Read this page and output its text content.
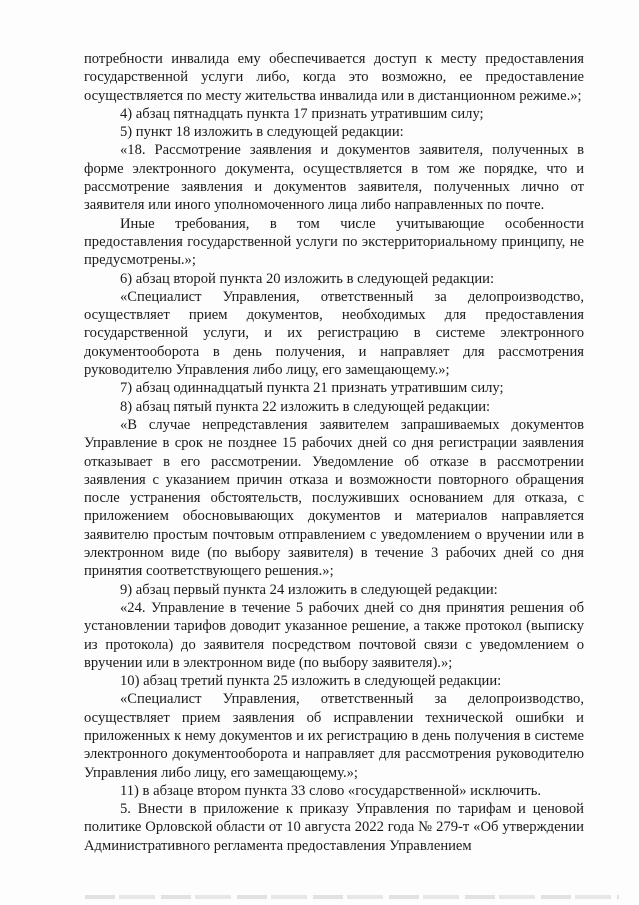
потребности инвалида ему обеспечивается доступ к месту предоставления государственной услуги либо, когда это возможно, ее предоставление осуществляется по месту жительства инвалида или в дистанционном режиме.»;

4) абзац пятнадцать пункта 17 признать утратившим силу;

5) пункт 18 изложить в следующей редакции:

«18. Рассмотрение заявления и документов заявителя, полученных в форме электронного документа, осуществляется в том же порядке, что и рассмотрение заявления и документов заявителя, полученных лично от заявителя или иного уполномоченного лица либо направленных по почте.

Иные требования, в том числе учитывающие особенности предоставления государственной услуги по экстерриториальному принципу, не предусмотрены.»;

6) абзац второй пункта 20 изложить в следующей редакции:

«Специалист Управления, ответственный за делопроизводство, осуществляет прием документов, необходимых для предоставления государственной услуги, и их регистрацию в системе электронного документооборота в день получения, и направляет для рассмотрения руководителю Управления либо лицу, его замещающему.»;

7) абзац одиннадцатый пункта 21 признать утратившим силу;

8) абзац пятый пункта 22 изложить в следующей редакции:

«В случае непредставления заявителем запрашиваемых документов Управление в срок не позднее 15 рабочих дней со дня регистрации заявления отказывает в его рассмотрении. Уведомление об отказе в рассмотрении заявления с указанием причин отказа и возможности повторного обращения после устранения обстоятельств, послуживших основанием для отказа, с приложением обосновывающих документов и материалов направляется заявителю простым почтовым отправлением с уведомлением о вручении или в электронном виде (по выбору заявителя) в течение 3 рабочих дней со дня принятия соответствующего решения.»;

9) абзац первый пункта 24 изложить в следующей редакции:

«24. Управление в течение 5 рабочих дней со дня принятия решения об установлении тарифов доводит указанное решение, а также протокол (выписку из протокола) до заявителя посредством почтовой связи с уведомлением о вручении или в электронном виде (по выбору заявителя).»;

10) абзац третий пункта 25 изложить в следующей редакции:

«Специалист Управления, ответственный за делопроизводство, осуществляет прием заявления об исправлении технической ошибки и приложенных к нему документов и их регистрацию в день получения в системе электронного документооборота и направляет для рассмотрения руководителю Управления либо лицу, его замещающему.»;

11) в абзаце втором пункта 33 слово «государственной» исключить.

5. Внести в приложение к приказу Управления по тарифам и ценовой политике Орловской области от 10 августа 2022 года № 279-т «Об утверждении Административного регламента предоставления Управлением
